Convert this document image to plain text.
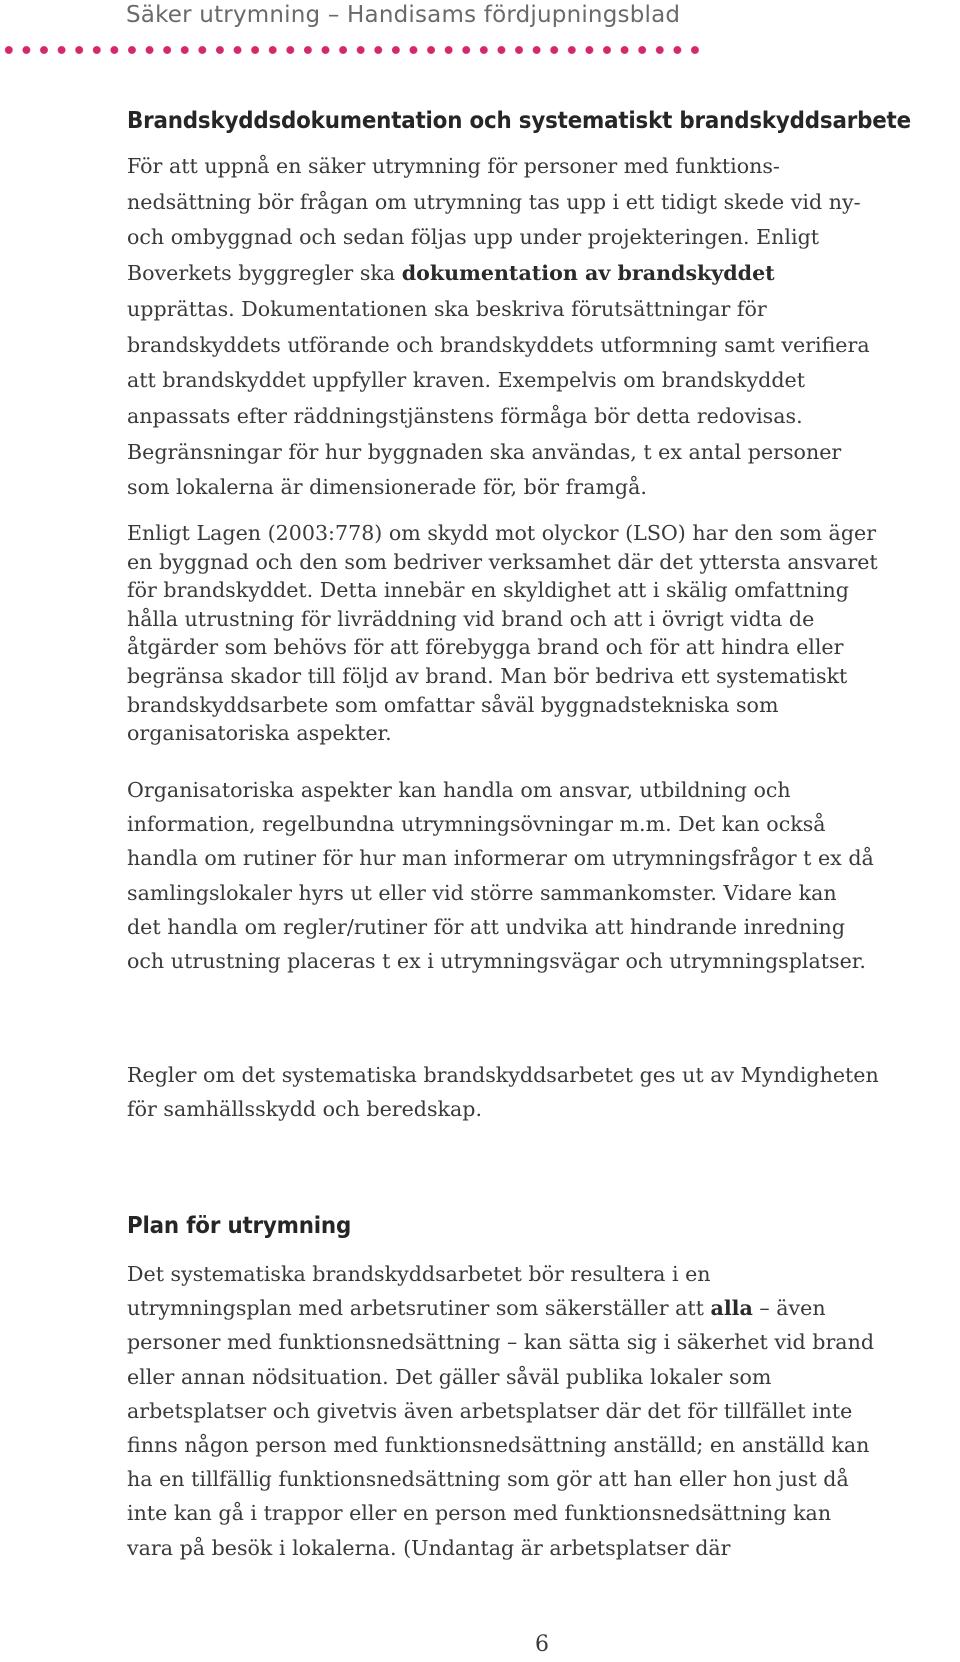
Säker utrymning – Handisams fördjupningsblad
Brandskyddsdokumentation och systematiskt brandskyddsarbete

För att uppnå en säker utrymning för personer med funktions-
nedsättning bör frågan om utrymning tas upp i ett tidigt skede vid ny-
och ombyggnad och sedan följas upp under projekteringen. Enligt
Boverkets byggregler ska dokumentation av brandskyddet
upprättas. Dokumentationen ska beskriva förutsättningar för
brandskyddets utförande och brandskyddets utformning samt verifiera
att brandskyddet uppfyller kraven. Exempelvis om brandskyddet
anpassats efter räddningstjänstens förmåga bör detta redovisas.
Begränsningar för hur byggnaden ska användas, t ex antal personer
som lokalerna är dimensionerade för, bör framgå.

Enligt Lagen (2003:778) om skydd mot olyckor (LSO) har den som äger
en byggnad och den som bedriver verksamhet där det yttersta ansvaret
för brandskyddet. Detta innebär en skyldighet att i skälig omfattning
hålla utrustning för livräddning vid brand och att i övrigt vidta de
åtgärder som behövs för att förebygga brand och för att hindra eller
begränsa skador till följd av brand. Man bör bedriva ett systematiskt
brandskyddsarbete som omfattar såväl byggnadstekniska som
organisatoriska aspekter.

Organisatoriska aspekter kan handla om ansvar, utbildning och
information, regelbundna utrymningsövningar m.m. Det kan också
handla om rutiner för hur man informerar om utrymningsfrågor t ex då
samlingslokaler hyrs ut eller vid större sammankomster. Vidare kan
det handla om regler/rutiner för att undvika att hindrande inredning
och utrustning placeras t ex i utrymningsvägar och utrymningsplatser.

Regler om det systematiska brandskyddsarbetet ges ut av Myndigheten
för samhällsskydd och beredskap.

Plan för utrymning

Det systematiska brandskyddsarbetet bör resultera i en
utrymningsplan med arbetsrutiner som säkerställer att alla – även
personer med funktionsnedsättning – kan sätta sig i säkerhet vid brand
eller annan nödsituation. Det gäller såväl publika lokaler som
arbetsplatser och givetvis även arbetsplatser där det för tillfället inte
finns någon person med funktionsnedsättning anställd; en anställd kan
ha en tillfällig funktionsnedsättning som gör att han eller hon just då
inte kan gå i trappor eller en person med funktionsnedsättning kan
vara på besök i lokalerna. (Undantag är arbetsplatser där

6
